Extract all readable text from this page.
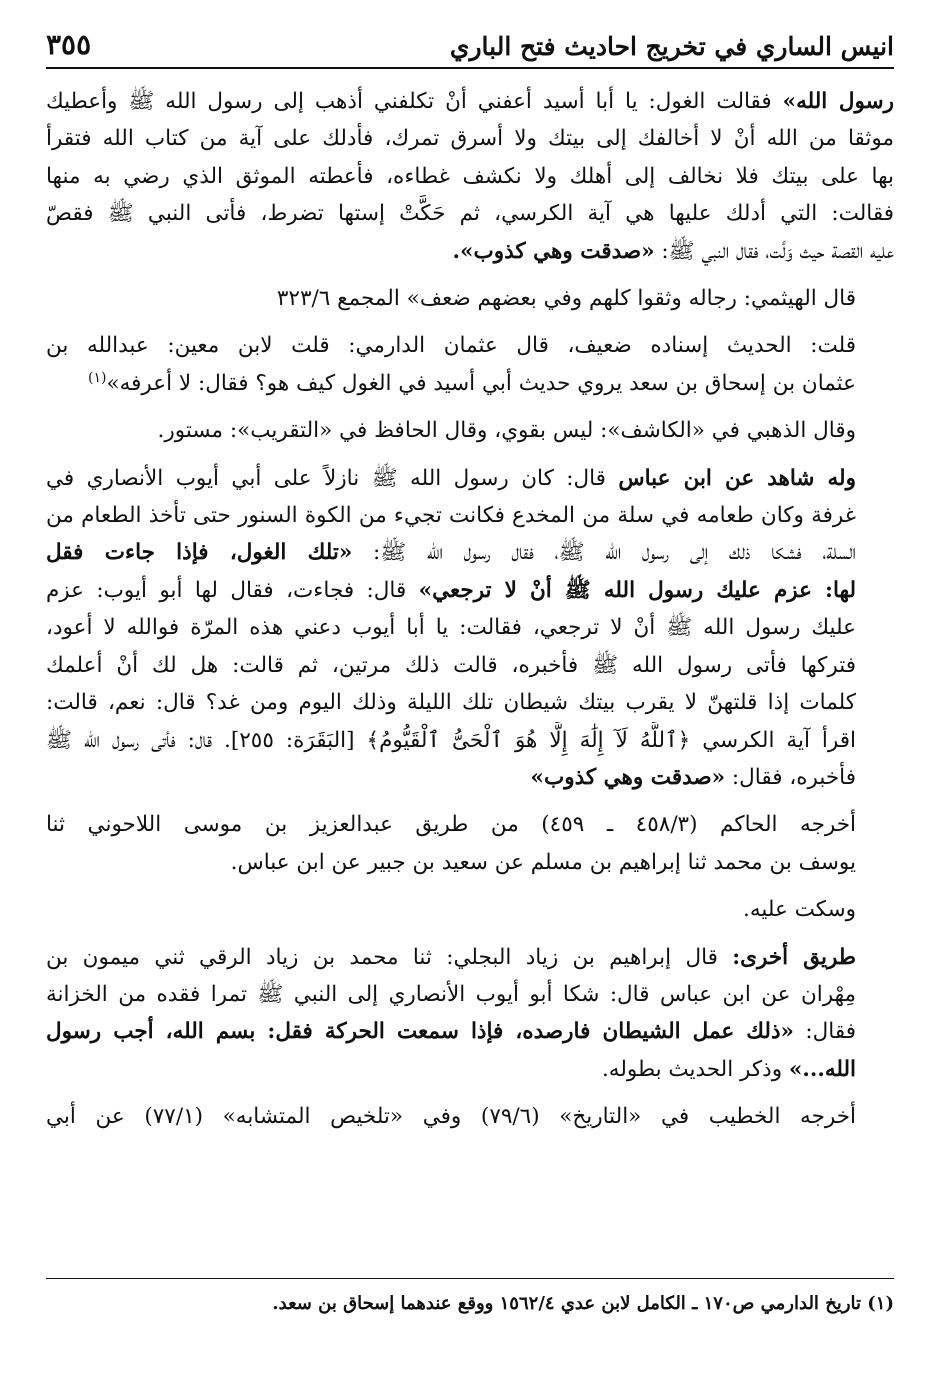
انيس الساري في تخريج احاديث فتح الباري
٣٥٥

رسول الله» فقالت الغول: يا أبا أسيد أعفني أنْ تكلفني أذهب إلى رسول الله ﷺ وأعطيك
موثقا من الله أنْ لا أخالفك إلى بيتك ولا أسرق تمرك، فأدلك على آية من كتاب الله فتقرأ
بها على بيتك فلا نخالف إلى أهلك ولا نكشف غطاءه، فأعطته الموثق الذي رضي به منها
فقالت: التي أدلك عليها هي آية الكرسي، ثم حَكَّتْ إستها تضرط، فأتى النبي ﷺ فقصّ
عليه القصة حيث وَلَّت، فقال النبي ﷺ: «صدقت وهي كذوب».

قال الهيثمي: رجاله وثقوا كلهم وفي بعضهم ضعف» المجمع ٣٢٣/٦

قلت: الحديث إسناده ضعيف، قال عثمان الدارمي: قلت لابن معين: عبدالله بن
عثمان بن إسحاق بن سعد يروي حديث أبي أسيد في الغول كيف هو؟ فقال: لا أعرفه»$^{(١)}$

وقال الذهبي في «الكاشف»: ليس بقوي، وقال الحافظ في «التقريب»: مستور.

وله شاهد عن ابن عباس قال: كان رسول الله ﷺ نازلاً على أبي أيوب الأنصاري في
غرفة وكان طعامه في سلة من المخدع فكانت تجيء من الكوة السنور حتى تأخذ الطعام من
السلة، فشكا ذلك إلى رسول الله ﷺ، فقال رسول الله ﷺ: «تلك الغول، فإذا جاءت فقل
لها: عزم عليك رسول الله ﷺ أنْ لا ترجعي» قال: فجاءت، فقال لها أبو أيوب: عزم
عليك رسول الله ﷺ أنْ لا ترجعي، فقالت: يا أبا أيوب دعني هذه المرّة فوالله لا أعود،
فتركها فأتى رسول الله ﷺ فأخبره، قالت ذلك مرتين، ثم قالت: هل لك أنْ أعلمك
كلمات إذا قلتهنّ لا يقرب بيتك شيطان تلك الليلة وذلك اليوم ومن غد؟ قال: نعم، قالت:
اقرأ آية الكرسي ﴿ٱللَّهُ لَآ إِلَٰهَ إِلَّا هُوَ ٱلْحَىُّ ٱلْقَيُّومُ﴾ [البَقَرَة: ٢٥٥]. قال: فأتى رسول الله ﷺ
فأخبره، فقال: «صدقت وهي كذوب»

أخرجه الحاكم (٤٥٨/٣ ـ ٤٥٩) من طريق عبدالعزيز بن موسى اللاحوني ثنا
يوسف بن محمد ثنا إبراهيم بن مسلم عن سعيد بن جبير عن ابن عباس.

وسكت عليه.

طريق أخرى: قال إبراهيم بن زياد البجلي: ثنا محمد بن زياد الرقي ثني ميمون بن
مِهْران عن ابن عباس قال: شكا أبو أيوب الأنصاري إلى النبي ﷺ تمرا فقده من الخزانة
فقال: «ذلك عمل الشيطان فارصده، فإذا سمعت الحركة فقل: بسم الله، أجب رسول
الله...» وذكر الحديث بطوله.

أخرجه الخطيب في «التاريخ» (٧٩/٦) وفي «تلخيص المتشابه» (٧٧/١) عن أبي

(١) تاريخ الدارمي ص١٧٠ ـ الكامل لابن عدي ١٥٦٢/٤ ووقع عندهما إسحاق بن سعد.
